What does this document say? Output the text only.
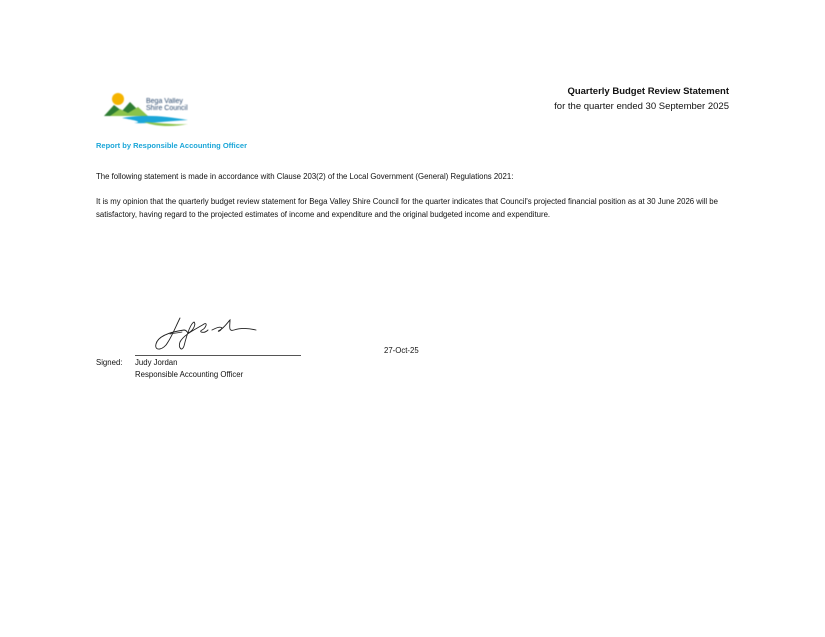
Bega Valley
Shire Council
Quarterly Budget Review Statement
for the quarter ended 30 September 2025
Report by Responsible Accounting Officer
The following statement is made in accordance with Clause 203(2) of the Local Government (General) Regulations 2021:
It is my opinion that the quarterly budget review statement for Bega Valley Shire Council for the quarter indicates that Council's projected financial position as at 30 June 2026 will be satisfactory, having regard to the projected estimates of income and expenditure and the original budgeted income and expenditure.
27-Oct-25
Signed: Judy Jordan
Responsible Accounting Officer
